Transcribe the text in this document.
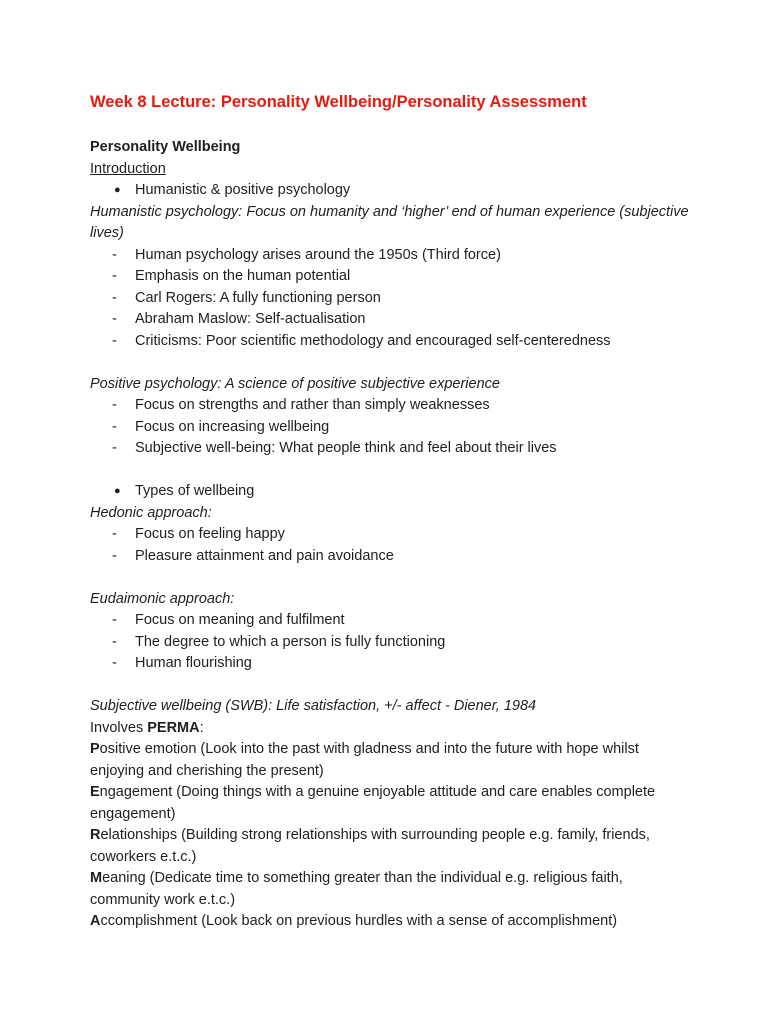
Week 8 Lecture: Personality Wellbeing/Personality Assessment

Personality Wellbeing

Introduction

● Humanistic & positive psychology

Humanistic psychology: Focus on humanity and ‘higher’ end of human experience (subjective lives)

- Human psychology arises around the 1950s (Third force)
- Emphasis on the human potential
- Carl Rogers: A fully functioning person
- Abraham Maslow: Self-actualisation
- Criticisms: Poor scientific methodology and encouraged self-centeredness

Positive psychology: A science of positive subjective experience

- Focus on strengths and rather than simply weaknesses
- Focus on increasing wellbeing
- Subjective well-being: What people think and feel about their lives
● Types of wellbeing

Hedonic approach:

- Focus on feeling happy
- Pleasure attainment and pain avoidance

Eudaimonic approach:

- Focus on meaning and fulfilment
- The degree to which a person is fully functioning
- Human flourishing

Subjective wellbeing (SWB): Life satisfaction, +/- affect - Diener, 1984

Involves PERMA:

Positive emotion (Look into the past with gladness and into the future with hope whilst enjoying and cherishing the present)

Engagement (Doing things with a genuine enjoyable attitude and care enables complete engagement)

Relationships (Building strong relationships with surrounding people e.g. family, friends, coworkers e.t.c.)

Meaning (Dedicate time to something greater than the individual e.g. religious faith, community work e.t.c.)

Accomplishment (Look back on previous hurdles with a sense of accomplishment)
